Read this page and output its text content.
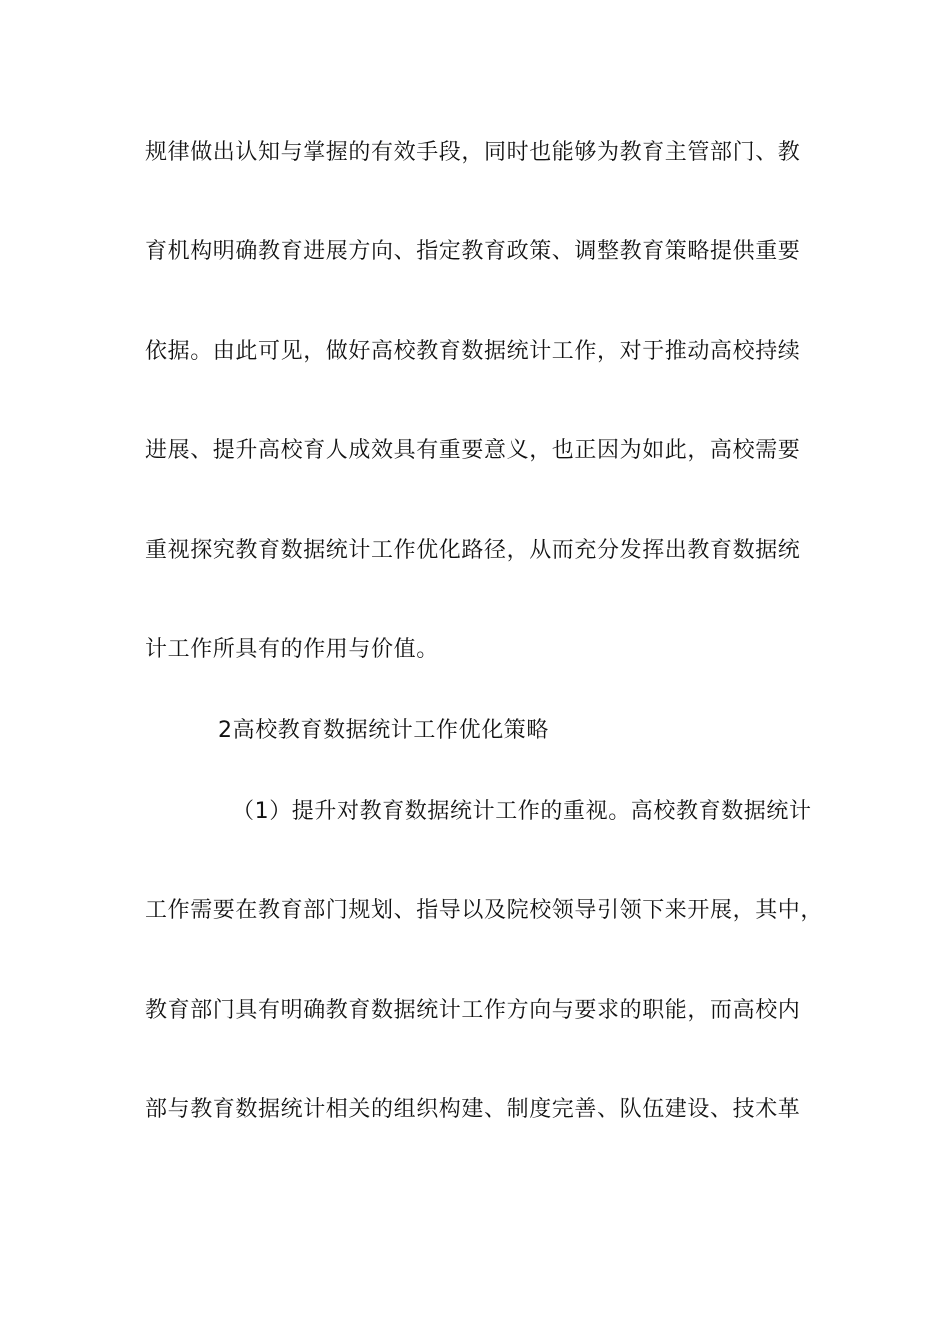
规律做出认知与掌握的有效手段，同时也能够为教育主管部门、教
育机构明确教育进展方向、指定教育政策、调整教育策略提供重要
依据。由此可见，做好高校教育数据统计工作，对于推动高校持续
进展、提升高校育人成效具有重要意义，也正因为如此，高校需要
重视探究教育数据统计工作优化路径，从而充分发挥出教育数据统
计工作所具有的作用与价值。
2高校教育数据统计工作优化策略
（1）提升对教育数据统计工作的重视。高校教育数据统计
工作需要在教育部门规划、指导以及院校领导引领下来开展，其中，
教育部门具有明确教育数据统计工作方向与要求的职能，而高校内
部与教育数据统计相关的组织构建、制度完善、队伍建设、技术革
